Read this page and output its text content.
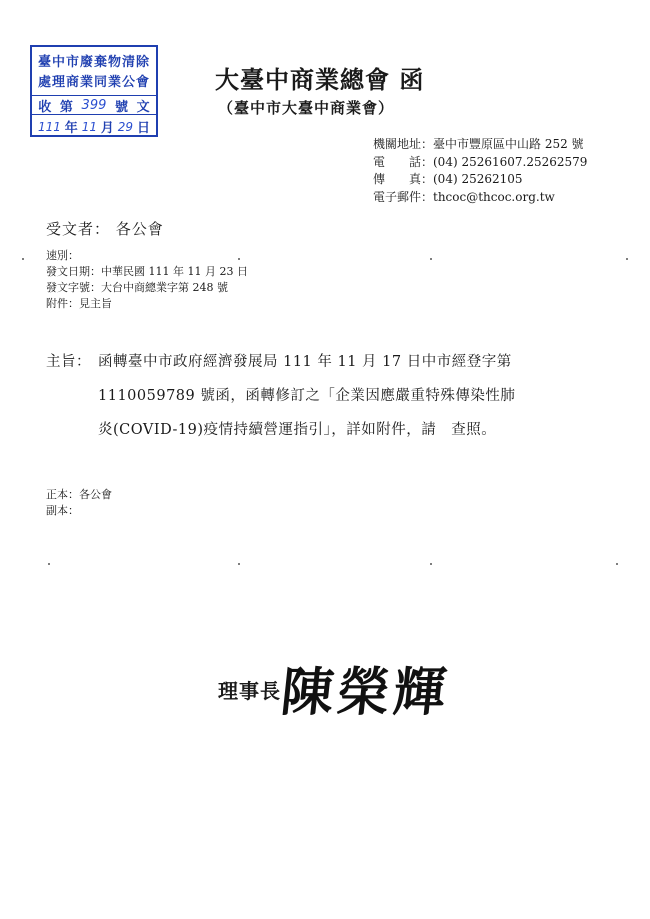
臺中市廢棄物清除
處理商業同業公會
收 第 399 號 文
111 年 11 月 29 日
大臺中商業總會 函
（臺中市大臺中商業會）
機關地址： 臺中市豐原區中山路 252 號
電　　話： (04) 25261607.25262579
傳　　真： (04) 25262105
電子郵件： thcoc@thcoc.org.tw
受文者： 各公會
速別：
發文日期： 中華民國 111 年 11 月 23 日
發文字號： 大台中商總業字第 248 號
附件： 見主旨
主旨： 函轉臺中市政府經濟發展局 111 年 11 月 17 日中市經登字第
1110059789 號函，函轉修訂之「企業因應嚴重特殊傳染性肺
炎(COVID-19)疫情持續營運指引」，詳如附件，請　查照。
正本： 各公會
副本：
理事長
陳榮輝
